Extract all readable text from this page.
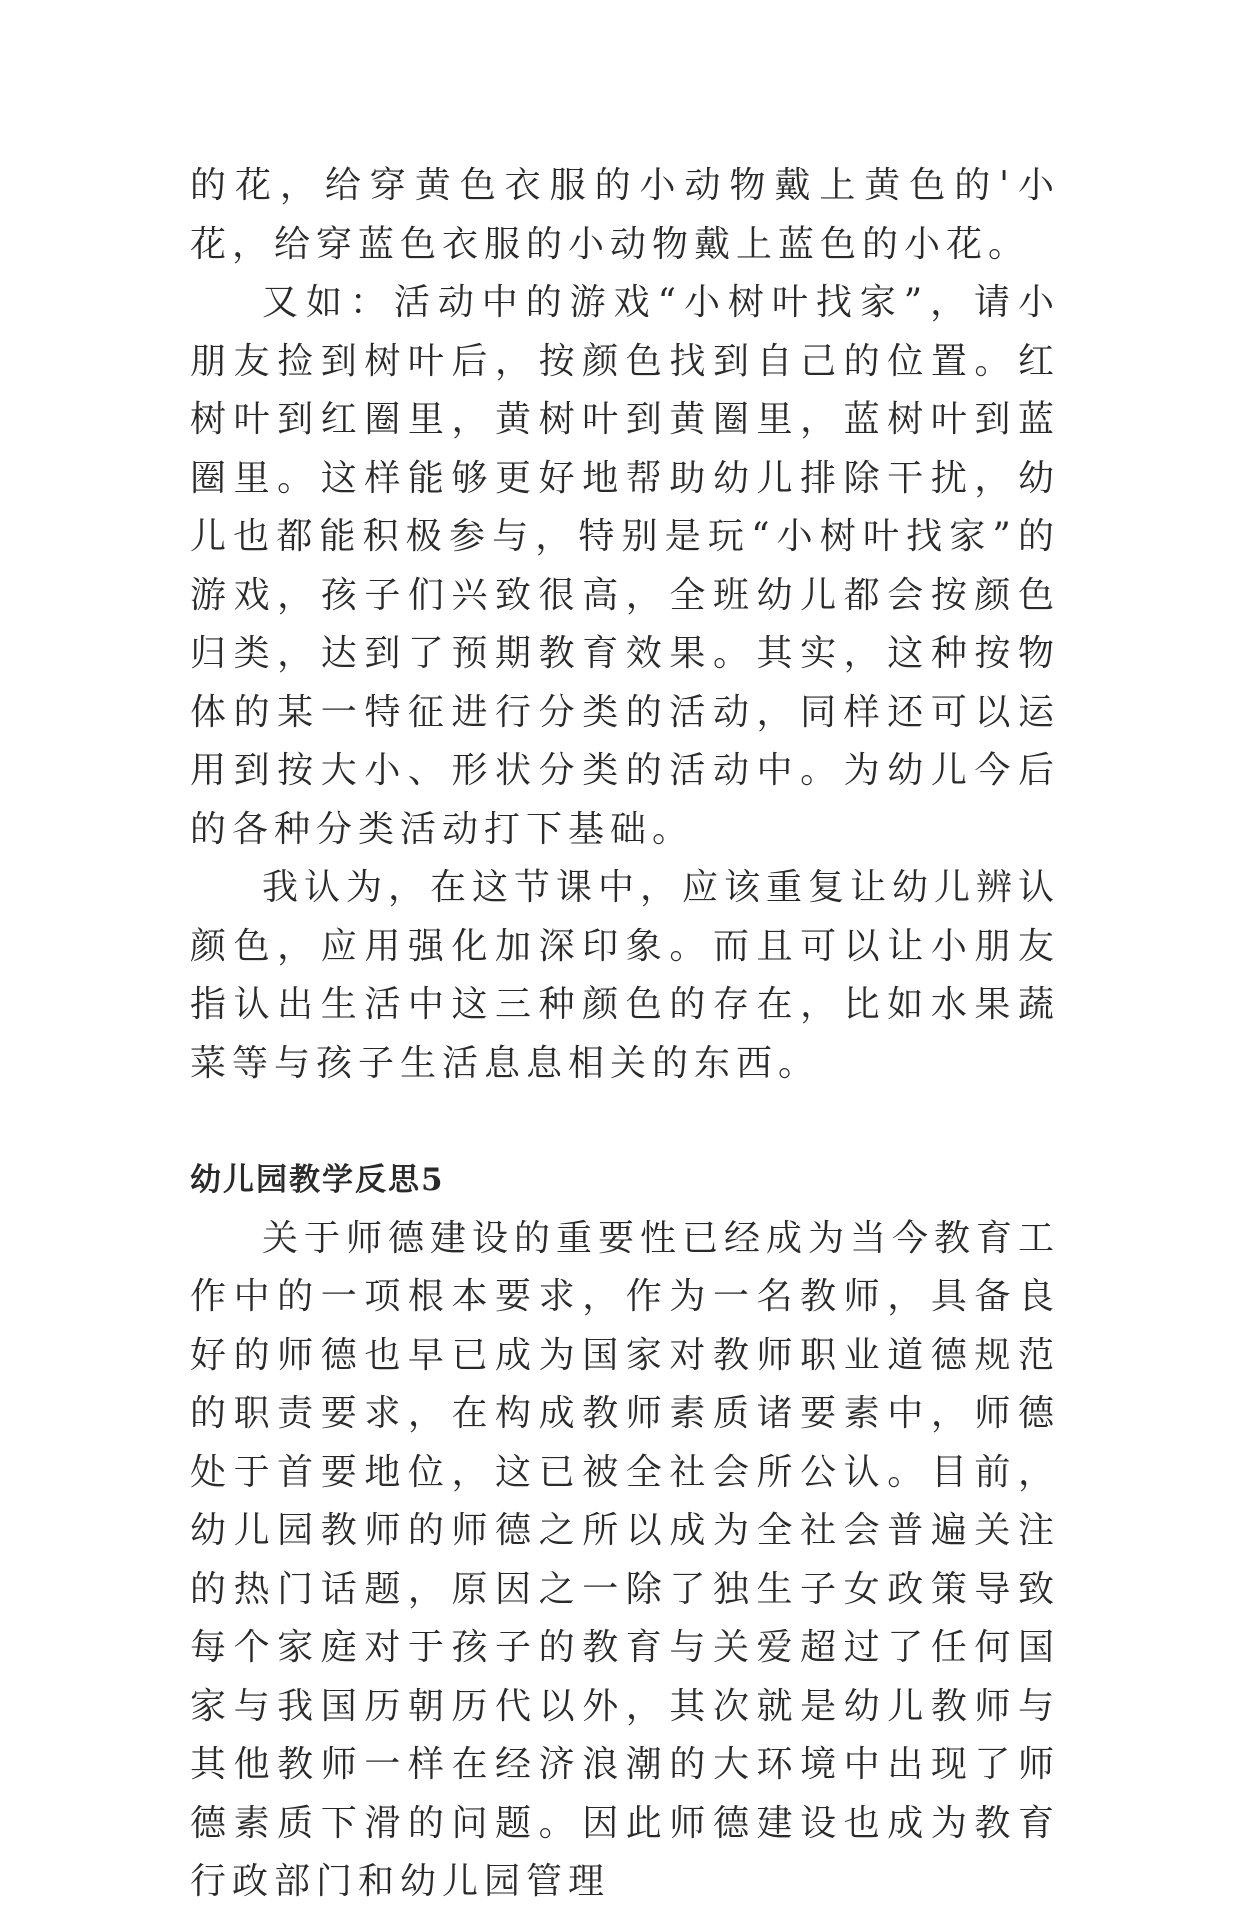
的花，给穿黄色衣服的小动物戴上黄色的'小花，给穿蓝色衣服的小动物戴上蓝色的小花。

又如：活动中的游戏“小树叶找家”，请小朋友捡到树叶后，按颜色找到自己的位置。红树叶到红圈里，黄树叶到黄圈里，蓝树叶到蓝圈里。这样能够更好地帮助幼儿排除干扰，幼儿也都能积极参与，特别是玩“小树叶找家”的游戏，孩子们兴致很高，全班幼儿都会按颜色归类，达到了预期教育效果。其实，这种按物体的某一特征进行分类的活动，同样还可以运用到按大小、形状分类的活动中。为幼儿今后的各种分类活动打下基础。

我认为，在这节课中，应该重复让幼儿辨认颜色，应用强化加深印象。而且可以让小朋友指认出生活中这三种颜色的存在，比如水果蔬菜等与孩子生活息息相关的东西。

幼儿园教学反思5

关于师德建设的重要性已经成为当今教育工作中的一项根本要求，作为一名教师，具备良好的师德也早已成为国家对教师职业道德规范的职责要求，在构成教师素质诸要素中，师德处于首要地位，这已被全社会所公认。目前，幼儿园教师的师德之所以成为全社会普遍关注的热门话题，原因之一除了独生子女政策导致每个家庭对于孩子的教育与关爱超过了任何国家与我国历朝历代以外，其次就是幼儿教师与其他教师一样在经济浪潮的大环境中出现了师德素质下滑的问题。因此师德建设也成为教育行政部门和幼儿园管理
